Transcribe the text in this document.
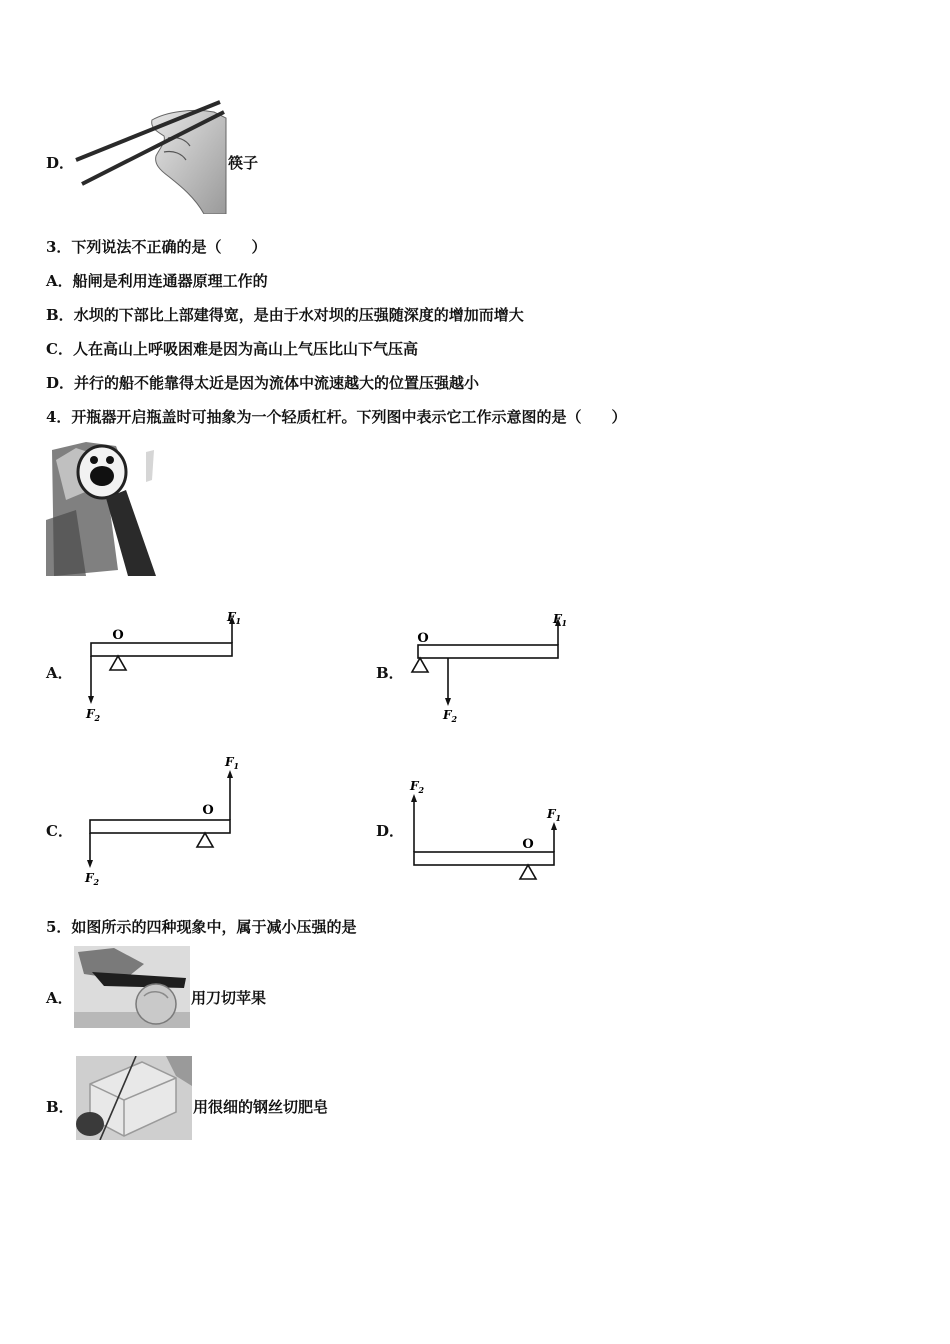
D．	筷子
3．下列说法不正确的是（　　）
A．船闸是利用连通器原理工作的
B．水坝的下部比上部建得宽，是由于水对坝的压强随深度的增加而增大
C．人在高山上呼吸困难是因为高山上气压比山下气压高
D．并行的船不能靠得太近是因为流体中流速越大的位置压强越小
4．开瓶器开启瓶盖时可抽象为一个轻质杠杆。下列图中表示它工作示意图的是（　　）
A．
O
$F_1$
$F_2$
B．
O
$F_1$
$F_2$
C．
O
$F_1$
$F_2$
D．
O
$F_1$
$F_2$
5．如图所示的四种现象中，属于减小压强的是
A．	用刀切苹果
B．	用很细的钢丝切肥皂
